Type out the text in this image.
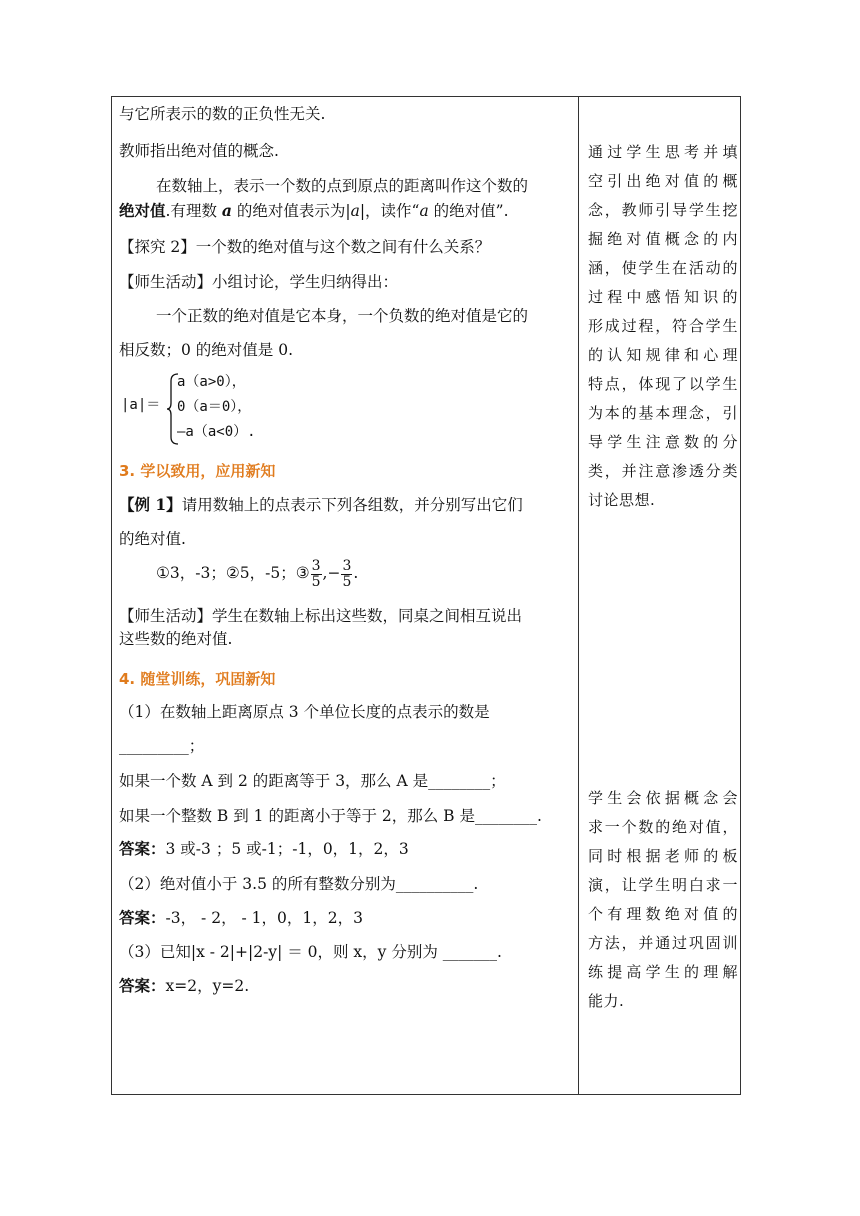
与它所表示的数的正负性无关.
教师指出绝对值的概念.
在数轴上，表示一个数的点到原点的距离叫作这个数的
绝对值.有理数 a 的绝对值表示为|a|，读作“a 的绝对值”.
【探究 2】一个数的绝对值与这个数之间有什么关系？
【师生活动】小组讨论，学生归纳得出：
一个正数的绝对值是它本身，一个负数的绝对值是它的
相反数；0 的绝对值是 0.
|a|＝
a（a>0），
0（a＝0），
—a（a<0）.
3. 学以致用，应用新知
【例 1】请用数轴上的点表示下列各组数，并分别写出它们
的绝对值.
①3，-3；②5，-5；③ $\frac{3}{5}$ ,− $\frac{3}{5}$ .
【师生活动】学生在数轴上标出这些数，同桌之间相互说出
这些数的绝对值.
4. 随堂训练，巩固新知
（1）在数轴上距离原点 3 个单位长度的点表示的数是
_________；
如果一个数 A 到 2 的距离等于 3，那么 A 是________；
如果一个整数 B 到 1 的距离小于等于 2，那么 B 是________.
答案：3 或-3 ；5 或-1；-1，0，1，2，3
（2）绝对值小于 3.5 的所有整数分别为__________.
答案：-3， - 2， - 1，0，1，2，3
（3）已知|x - 2|+|2-y| ＝ 0，则 x，y 分别为 _______.
答案：x=2，y=2.
通过学生思考并填
空引出绝对值的概
念，教师引导学生挖
掘绝对值概念的内
涵，使学生在活动的
过程中感悟知识的
形成过程，符合学生
的认知规律和心理
特点，体现了以学生
为本的基本理念，引
导学生注意数的分
类，并注意渗透分类
讨论思想.
学生会依据概念会
求一个数的绝对值，
同时根据老师的板
演，让学生明白求一
个有理数绝对值的
方法，并通过巩固训
练提高学生的理解
能力.
